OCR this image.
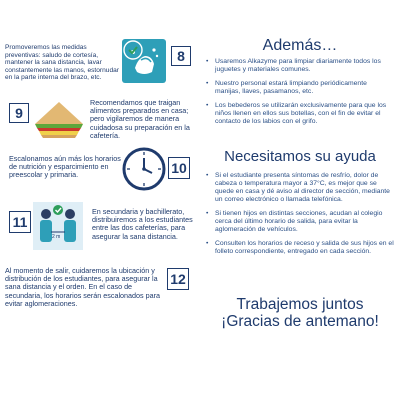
Promoveremos las medidas preventivas: saludo de cortesía, mantener la sana distancia, lavar constantemente las manos, estornudar en la parte interna del brazo, etc.
8
9
Recomendamos que traigan alimentos preparados en casa; pero vigilaremos de manera cuidadosa su preparación en la cafetería.
Escalonamos aún más los horarios de nutrición y esparcimiento en preescolar y primaria.	10
11
2 m
En secundaria y bachillerato, distribuiremos a los estudiantes entre las dos cafeterías, para asegurar la sana distancia.
Al momento de salir, cuidaremos la ubicación y distribución de los estudiantes, para asegurar la sana distancia y el orden. En el caso de secundaria, los horarios serán escalonados para evitar aglomeraciones.
12
Además…
• Usaremos Alkazyme para limpiar diariamente todos los juguetes y materiales comunes.
• Nuestro personal estará limpiando periódicamente manijas, llaves, pasamanos, etc.
• Los bebederos se utilizarán exclusivamente para que los niños llenen en ellos sus botellas, con el fin de evitar el contacto de los labios con el grifo.
Necesitamos su ayuda
• Si el estudiante presenta síntomas de resfrío, dolor de cabeza o temperatura mayor a 37°C, es mejor que se quede en casa y dé aviso al director de sección, mediante un correo electrónico o llamada telefónica.
• Si tienen hijos en distintas secciones, acudan al colegio cerca del último horario de salida, para evitar la aglomeración de vehículos.
• Consulten los horarios de receso y salida de sus hijos en el folleto correspondiente, entregado en cada sección.
Trabajemos juntos
¡Gracias de antemano!
